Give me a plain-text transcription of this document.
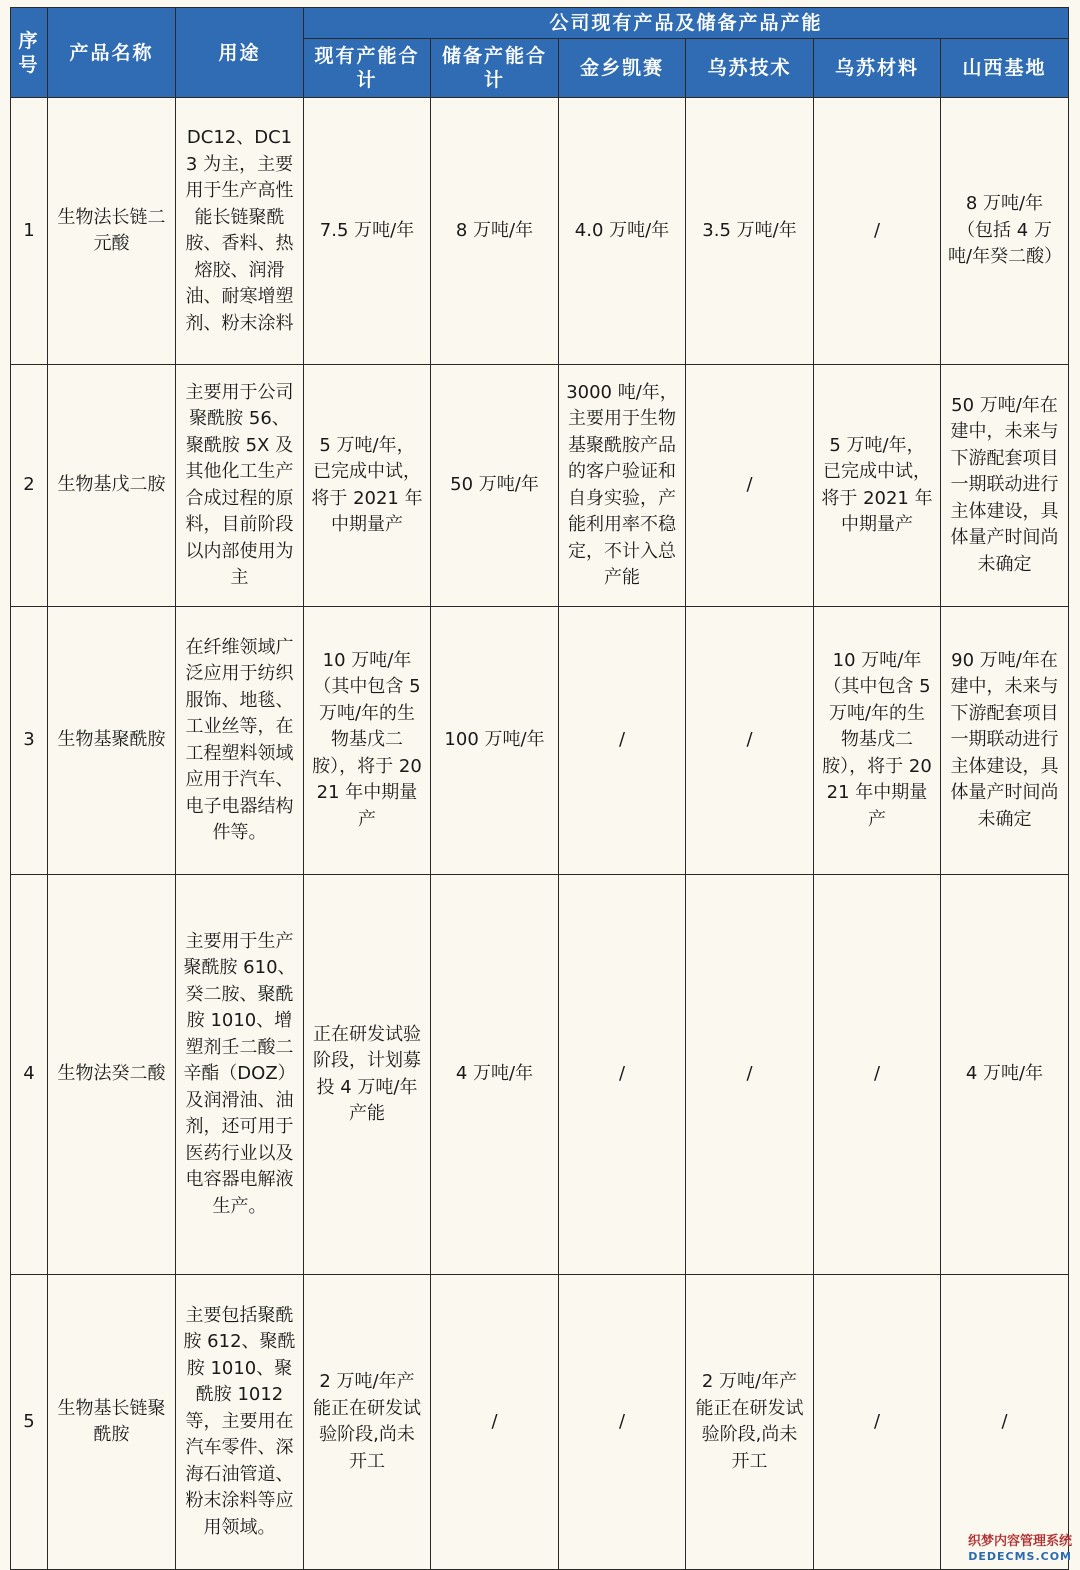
序号	产品名称	用途	公司现有产品及储备产品产能					
			现有产能合计	储备产能合计	金乡凯赛	乌苏技术	乌苏材料	山西基地
1	生物法长链二元酸	DC12、DC13 为主，主要用于生产高性能长链聚酰胺、香料、热熔胶、润滑油、耐寒增塑剂、粉末涂料	7.5 万吨/年	8 万吨/年	4.0 万吨/年	3.5 万吨/年	/	8 万吨/年（包括 4 万吨/年癸二酸）
2	生物基戊二胺	主要用于公司聚酰胺 56、聚酰胺 5X 及其他化工生产合成过程的原料，目前阶段以内部使用为主	5 万吨/年，已完成中试，将于 2021 年中期量产	50 万吨/年	3000 吨/年，主要用于生物基聚酰胺产品的客户验证和自身实验，产能利用率不稳定，不计入总产能	/	5 万吨/年，已完成中试，将于 2021 年中期量产	50 万吨/年在建中，未来与下游配套项目一期联动进行主体建设，具体量产时间尚未确定
3	生物基聚酰胺	在纤维领域广泛应用于纺织服饰、地毯、工业丝等，在工程塑料领域应用于汽车、电子电器结构件等。	10 万吨/年（其中包含 5 万吨/年的生物基戊二胺），将于 2021 年中期量产	100 万吨/年	/	/	10 万吨/年（其中包含 5 万吨/年的生物基戊二胺），将于 2021 年中期量产	90 万吨/年在建中，未来与下游配套项目一期联动进行主体建设，具体量产时间尚未确定
4	生物法癸二酸	主要用于生产聚酰胺 610、癸二胺、聚酰胺 1010、增塑剂壬二酸二辛酯（DOZ）及润滑油、油剂，还可用于医药行业以及电容器电解液生产。	正在研发试验阶段，计划募投 4 万吨/年产能	4 万吨/年	/	/	/	4 万吨/年
5	生物基长链聚酰胺	主要包括聚酰胺 612、聚酰胺 1010、聚酰胺 1012 等，主要用在汽车零件、深海石油管道、粉末涂料等应用领域。	2 万吨/年产能正在研发试验阶段,尚未开工	/	/	2 万吨/年产能正在研发试验阶段,尚未开工	/	/
织梦内容管理系统
DEDECMS.COM
